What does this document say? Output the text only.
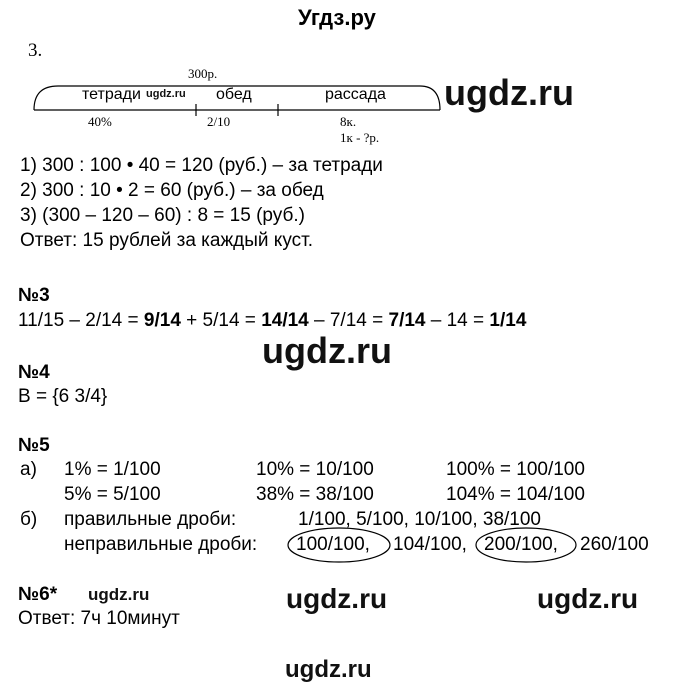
Угдз.ру
3.
300р.
тетради	обед	рассада
40%	2/10	8к.
1к - ?р.
1) 300 : 100 • 40 = 120 (руб.) – за тетради
2) 300 : 10 • 2 = 60 (руб.) – за обед
3) (300 – 120 – 60) : 8 = 15 (руб.)
Ответ: 15 рублей за каждый куст.
№3
11/15 – 2/14 = 9/14 + 5/14 = 14/14 – 7/14 = 7/14 – 14 = 1/14
№4
B = {6 3/4}
№5
а) 1% = 1/100	10% = 10/100	100% = 100/100
5% = 5/100	38% = 38/100	104% = 104/100
б) правильные дроби:	1/100, 5/100, 10/100, 38/100
неправильные дроби: 100/100, 104/100, 200/100, 260/100
№6*
Ответ: 7ч 10минут
ugdz.ru
ugdz.ru
ugdz.ru
ugdz.ru	ugdz.ru	ugdz.ru
ugdz.ru
